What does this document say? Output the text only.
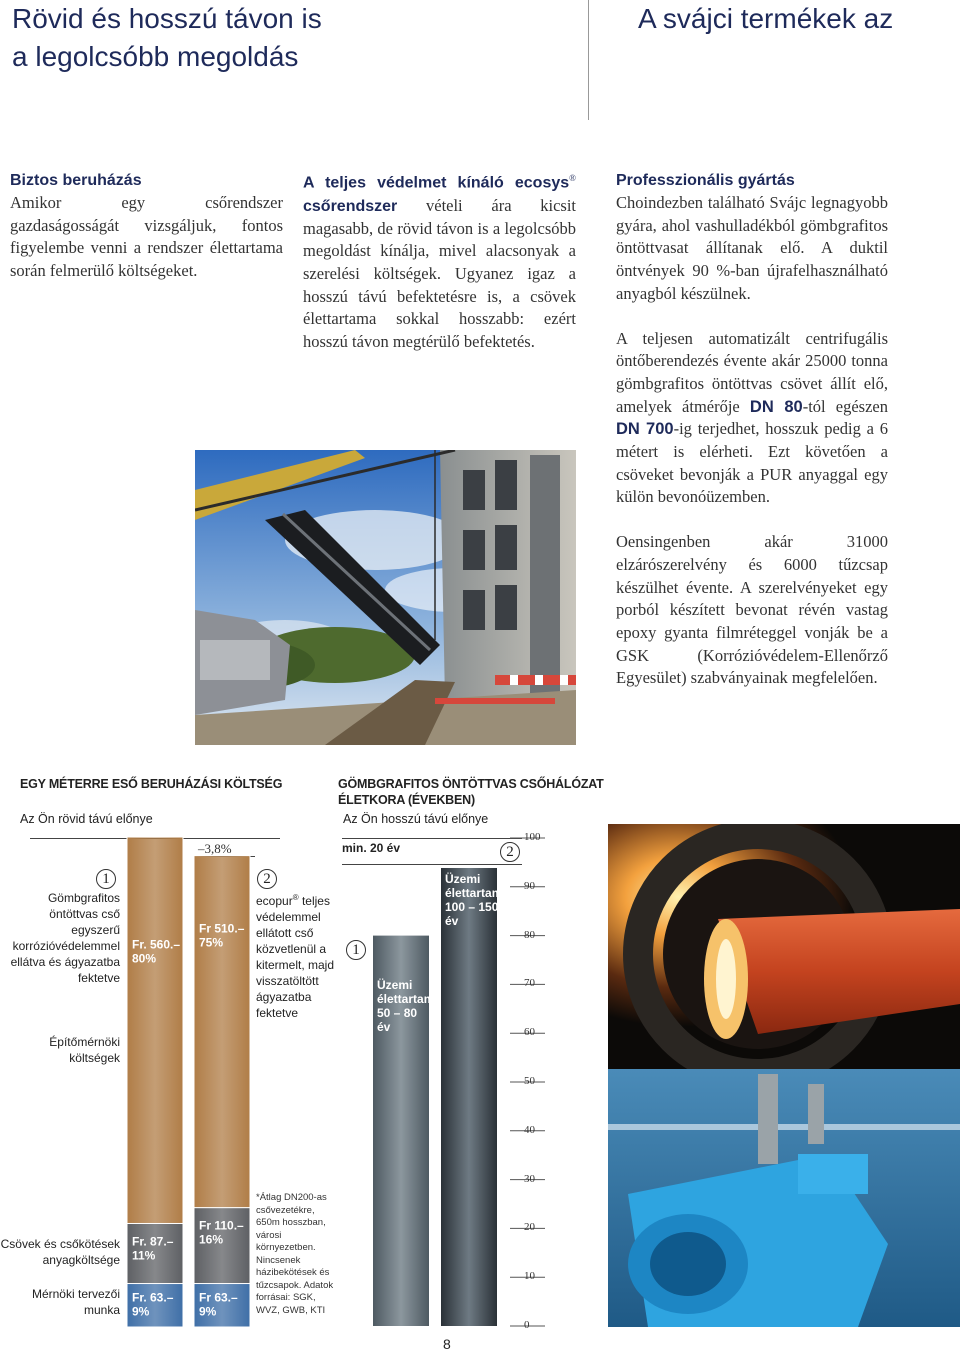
Rövid és hosszú távon is
a legolcsóbb megoldás
A svájci termékek az
Biztos beruházás

Amikor egy csőrendszer gazdaságosságát vizsgáljuk, fontos figyelembe venni a rendszer élettartama során felmerülő költségeket.

A teljes védelmet kínáló ecosys® csőrendszer vételi ára kicsit magasabb, de rövid távon is a legolcsóbb megoldást kínálja, mivel alacsonyak a szerelési költségek. Ugyanez igaz a hosszú távú befektetésre is, a csövek élettartama sokkal hosszabb: ezért hosszú távon megtérülő befektetés.
Professzionális gyártás

Choindezben található Svájc legnagyobb gyára, ahol vashulladékból gömbgrafitos öntöttvasat állítanak elő. A duktil öntvények 90 %-ban újrafelhasználható anyagból készülnek.

A teljesen automatizált centrifugális öntőberendezés évente akár 25000 tonna gömbgrafitos öntöttvas csövet állít elő, amelyek átmérője DN 80-tól egészen DN 700-ig terjedhet, hosszuk pedig a 6 métert is elérheti. Ezt követően a csöveket bevonják a PUR anyaggal egy külön bevonóüzemben.

Oensingenben akár 31000 elzárószerelvény és 6000 tűzcsap készülhet évente. A szerelvényeket egy porból készített bevonat révén vastag epoxy gyanta filmréteggel vonják be a GSK (Korrózióvédelem-Ellenőrző Egyesület) szabványainak megfelelően.

EGY MÉTERRE ESŐ BERUHÁZÁSI KÖLTSÉG
Az Ön rövid távú előnye
–3,8%
1	2
Gömbgrafitos öntöttvas cső egyszerű korrózióvédelemmel ellátva és ágyazatba fektetve
ecopur® teljes védelemmel ellátott cső közvetlenül a kitermelt, majd visszatöltött ágyazatba fektetve
Építőmérnöki költségek
Csövek és csőkötések anyagköltsége
Mérnöki tervezői munka
Fr. 63.– 9%
Fr. 87.– 11%
Fr. 560.– 80%
Fr 63.– 9%
Fr 110.– 16%
Fr 510.– 75%
*Átlag DN200-as csővezetékre, 650m hosszban, városi környezetben. Nincsenek házibekötések és tűzcsapok. Adatok forrásai: SGK, WVZ, GWB, KTI
GÖMBGRAFITOS ÖNTÖTTVAS CSŐHÁLÓZAT
ÉLETKORA (ÉVEKBEN)
Az Ön hosszú távú előnye
min. 20 év	2
1
Üzemi élettartam 50 – 80 év
Üzemi élettartam 100 – 150 év
100
90
80
70
60
50
40
30
20
10
0
8
